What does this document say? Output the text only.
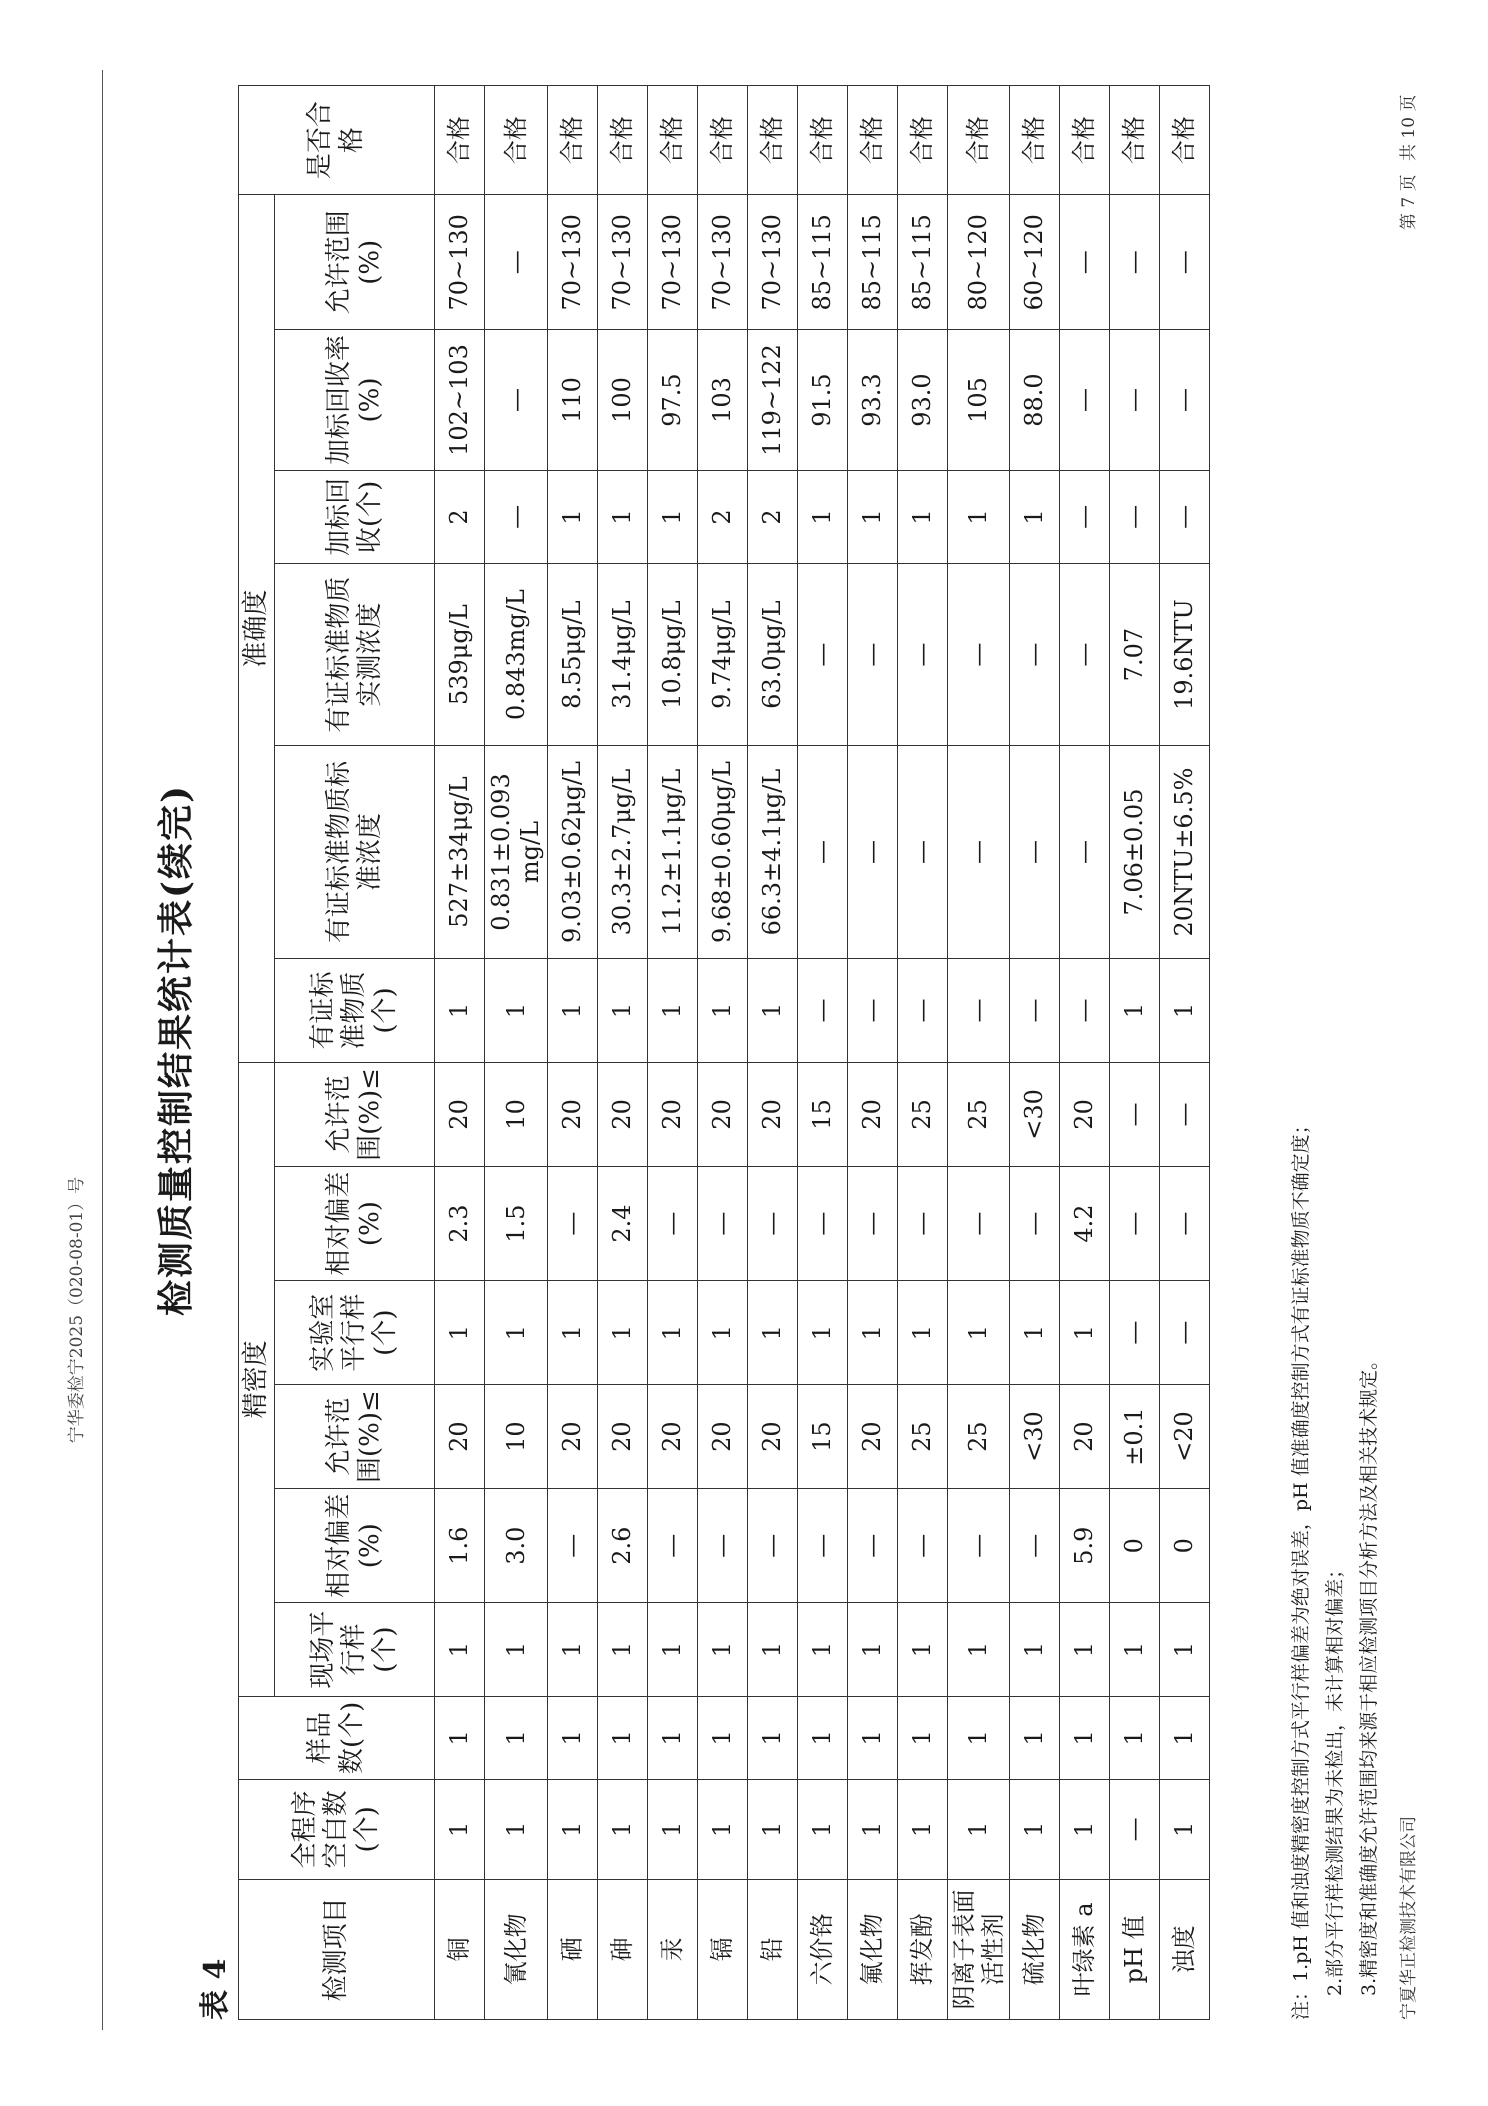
宁华委检宁2025（020-08-01）号 检测质量控制结果统计表(续完)
表 4	检测项目	全程序空白数(个)	样品数(个)	精密度						准确度						是否合格
			现场平行样(个)	相对偏差(%)	允许范围(%)≤	实验室平行样(个)	相对偏差(%)	允许范围(%)≤	有证标准物质(个)	有证标准物质标准浓度	有证标准物质实测浓度	加标回收(个)	加标回收率(%)	允许范围(%)	
铜	1	1	1	1.6	20	1	2.3	20	1	527±34μg/L	539μg/L	2	102~103	70~130	合格
氰化物	1	1	1	3.0	10	1	1.5	10	1	0.831±0.093 mg/L	0.843mg/L	—	—	—	合格
硒	1	1	1	—	20	1	—	20	1	9.03±0.62μg/L	8.55μg/L	1	110	70~130	合格
砷	1	1	1	2.6	20	1	2.4	20	1	30.3±2.7μg/L	31.4μg/L	1	100	70~130	合格
汞	1	1	1	—	20	1	—	20	1	11.2±1.1μg/L	10.8μg/L	1	97.5	70~130	合格
镉	1	1	1	—	20	1	—	20	1	9.68±0.60μg/L	9.74μg/L	2	103	70~130	合格
铅	1	1	1	—	20	1	—	20	1	66.3±4.1μg/L	63.0μg/L	2	119~122	70~130	合格
六价铬	1	1	1	—	15	1	—	15	—	—	—	1	91.5	85~115	合格
氟化物	1	1	1	—	20	1	—	20	—	—	—	1	93.3	85~115	合格
挥发酚	1	1	1	—	25	1	—	25	—	—	—	1	93.0	85~115	合格
阴离子表面活性剂	1	1	1	—	25	1	—	25	—	—	—	1	105	80~120	合格
硫化物	1	1	1	—	<30	1	—	<30	—	—	—	1	88.0	60~120	合格
叶绿素 a	1	1	1	5.9	20	1	4.2	20	—	—	—	—	—	—	合格
pH 值	—	1	1	0	±0.1	—	—	—	1	7.06±0.05	7.07	—	—	—	合格
浊度	1	1	1	0	<20	—	—	—	1	20NTU±6.5%	19.6NTU	—	—	—	合格
注：1.pH 值和浊度精密度控制方式平行样偏差为绝对误差，pH 值准确度控制方式有证标准物质不确定度； 2.部分平行样检测结果为未检出，未计算相对偏差； 3.精密度和准确度允许范围均来源于相应检测项目分析方法及相关技术规定。	宁夏华正检测技术有限公司
第 7 页 共 10 页
